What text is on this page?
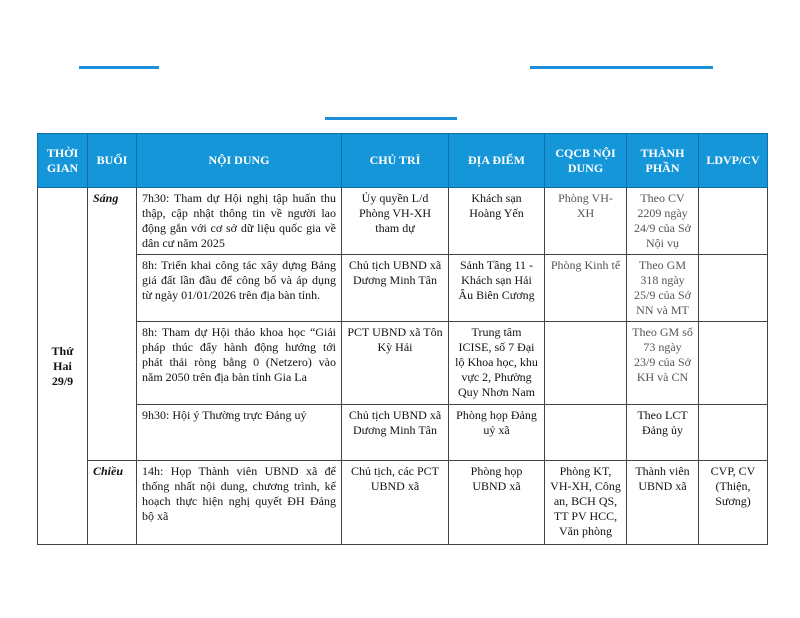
THỜI GIAN	BUỔI	NỘI DUNG	CHỦ TRÌ	ĐỊA ĐIỂM	CQCB NỘI DUNG	THÀNH PHẦN	LDVP/CV
Thứ Hai
29/9	Sáng	7h30: Tham dự Hội nghị tập huấn thu thập, cập nhật thông tin về người lao động gắn với cơ sở dữ liệu quốc gia về dân cư năm 2025	Ủy quyền L/d Phòng VH-XH tham dự	Khách sạn Hoàng Yến	Phòng VH-XH	Theo CV 2209 ngày 24/9 của Sở Nội vụ	
		8h: Triển khai công tác xây dựng Bảng giá đất lần đầu để công bố và áp dụng từ ngày 01/01/2026 trên địa bàn tỉnh.	Chủ tịch UBND xã Dương Minh Tân	Sảnh Tầng 11 - Khách sạn Hải Âu Biên Cương	Phòng Kinh tế	Theo GM 318 ngày 25/9 của Sở NN và MT	
		8h: Tham dự Hội thảo khoa học “Giải pháp thúc đẩy hành động hướng tới phát thải ròng bằng 0 (Netzero) vào năm 2050 trên địa bàn tỉnh Gia La	PCT UBND xã Tôn Kỳ Hải	Trung tâm ICISE, số 7 Đại lộ Khoa học, khu vực 2, Phường Quy Nhơn Nam		Theo GM số 73 ngày 23/9 của Sở KH và CN	
		9h30: Hội ý Thường trực Đảng uỷ	Chủ tịch UBND xã Dương Minh Tân	Phòng họp Đảng uỷ xã		Theo LCT Đảng ủy	
	Chiều	14h: Họp Thành viên UBND xã để thống nhất nội dung, chương trình, kế hoạch thực hiện nghị quyết ĐH Đảng bộ xã	Chủ tịch, các PCT UBND xã	Phòng họp UBND xã	Phòng KT, VH-XH, Công an, BCH QS, TT PV HCC, Văn phòng	Thành viên UBND xã	CVP, CV (Thiện, Sương)
